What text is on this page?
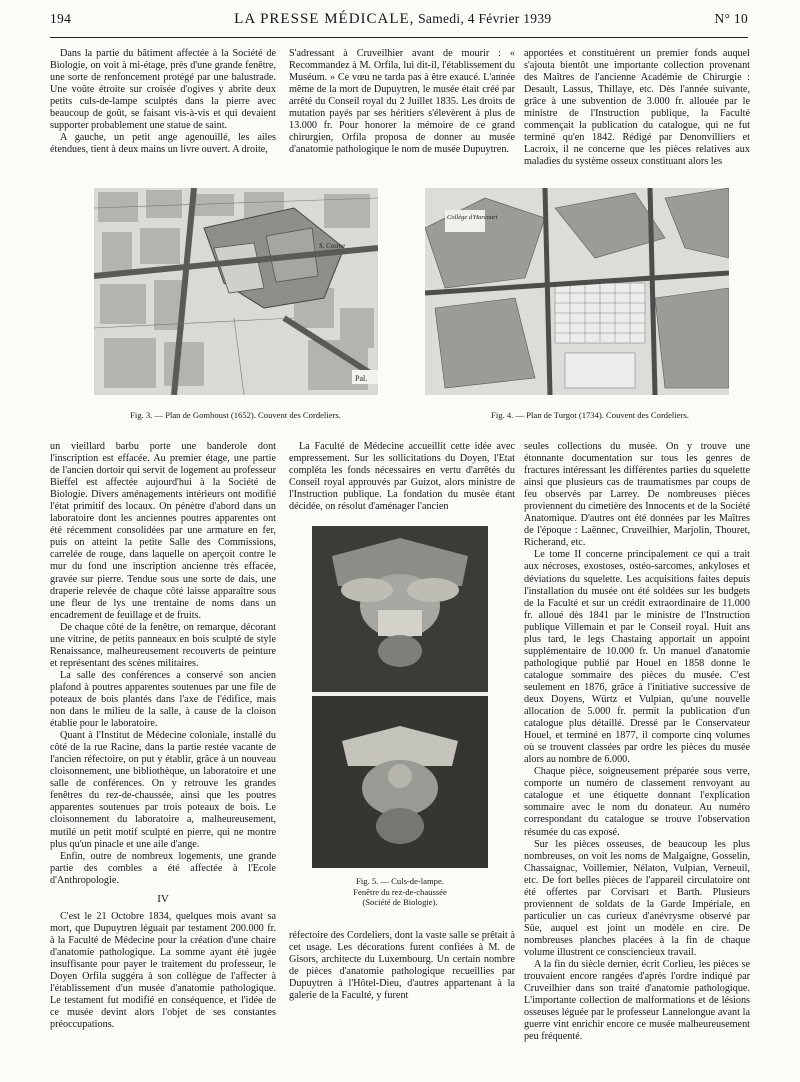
194	LA PRESSE MÉDICALE, Samedi, 4 Février 1939	N° 10

Dans la partie du bâtiment affectée à la Société de Biologie, on voit à mi-étage, près d'une grande fenêtre, une sorte de renfoncement protégé par une balustrade. Une voûte étroite sur croisée d'ogives y abrite deux petits culs-de-lampe sculptés dans la pierre avec beaucoup de goût, se faisant vis-à-vis et qui devaient supporter probablement une statue de saint.

A gauche, un petit ange agenouillé, les ailes étendues, tient à deux mains un livre ouvert. A droite,

S'adressant à Cruveilhier avant de mourir : « Recommandez à M. Orfila, lui dit-il, l'établissement du Muséum. » Ce vœu ne tarda pas à être exaucé. L'année même de la mort de Dupuytren, le musée était créé par arrêté du Conseil royal du 2 Juillet 1835. Les droits de mutation payés par ses héritiers s'élevèrent à plus de 13.000 fr. Pour honorer la mémoire de ce grand chirurgien, Orfila proposa de donner au musée d'anatomie pathologique le nom de musée Dupuytren.

apportées et constituèrent un premier fonds auquel s'ajouta bientôt une importante collection provenant des Maîtres de l'ancienne Académie de Chirurgie : Desault, Lassus, Thillaye, etc. Dès l'année suivante, grâce à une subvention de 3.000 fr. allouée par le ministre de l'Instruction publique, la Faculté commençait la publication du catalogue, qui ne fut terminé qu'en 1842. Rédigé par Denonvilliers et Lacroix, il ne concerne que les pièces relatives aux maladies du système osseux constituant alors les

S. Cosme
Pal.
Fig. 3. — Plan de Gomboust (1652). Couvent des Cordeliers.
Collège d'Harcourt
Fig. 4. — Plan de Turgot (1734). Couvent des Cordeliers.

un vieillard barbu porte une banderole dont l'inscription est effacée. Au premier étage, une partie de l'ancien dortoir qui servit de logement au professeur Bieffel est affectée aujourd'hui à la Société de Biologie. Divers aménagements intérieurs ont modifié l'état primitif des locaux. On pénètre d'abord dans un laboratoire dont les anciennes poutres apparentes ont été récemment consolidées par une armature en fer, puis on atteint la petite Salle des Commissions, carrelée de rouge, dans laquelle on aperçoit contre le mur du fond une inscription ancienne très effacée, gravée sur pierre. Tendue sous une sorte de dais, une draperie relevée de chaque côté laisse apparaître sous une fleur de lys une trentaine de noms dans un encadrement de feuillage et de fruits.

De chaque côté de la fenêtre, on remarque, décorant une vitrine, de petits panneaux en bois sculpté de style Renaissance, malheureusement recouverts de peinture et représentant des scènes militaires.

La salle des conférences a conservé son ancien plafond à poutres apparentes soutenues par une file de poteaux de bois plantés dans l'axe de l'édifice, mais non dans le milieu de la salle, à cause de la cloison établie pour le laboratoire.

Quant à l'Institut de Médecine coloniale, installé du côté de la rue Racine, dans la partie restée vacante de l'ancien réfectoire, on put y établir, grâce à un nouveau cloisonnement, une bibliothèque, un laboratoire et une salle de conférences. On y retrouve les grandes fenêtres du rez-de-chaussée, ainsi que les poutres apparentes soutenues par trois poteaux de bois. Le cloisonnement du laboratoire a, malheureusement, mutilé un petit motif sculpté en pierre, qui ne montre plus qu'un pinacle et une aile d'ange.

Enfin, outre de nombreux logements, une grande partie des combles a été affectée à l'Ecole d'Anthropologie.

IV

C'est le 21 Octobre 1834, quelques mois avant sa mort, que Dupuytren léguait par testament 200.000 fr. à la Faculté de Médecine pour la création d'une chaire d'anatomie pathologique. La somme ayant été jugée insuffisante pour payer le traitement du professeur, le Doyen Orfila suggéra à son collègue de l'affecter à l'établissement d'un musée d'anatomie pathologique. Le testament fut modifié en conséquence, et l'idée de ce musée devint alors l'objet de ses constantes préoccupations.

La Faculté de Médecine accueillit cette idée avec empressement. Sur les sollicitations du Doyen, l'Etat compléta les fonds nécessaires en vertu d'arrêtés du Conseil royal approuvés par Guizot, alors ministre de l'Instruction publique. La fondation du musée étant décidée, on résolut d'aménager l'ancien

Fig. 5. — Culs-de-lampe.
Fenêtre du rez-de-chaussée
(Société de Biologie).

réfectoire des Cordeliers, dont la vaste salle se prêtait à cet usage. Les décorations furent confiées à M. de Gisors, architecte du Luxembourg. Un certain nombre de pièces d'anatomie pathologique recueillies par Dupuytren à l'Hôtel-Dieu, d'autres appartenant à la galerie de la Faculté, y furent

seules collections du musée. On y trouve une étonnante documentation sur tous les genres de fractures intéressant les différentes parties du squelette ainsi que plusieurs cas de traumatismes par coups de feu observés par Larrey. De nombreuses pièces proviennent du cimetière des Innocents et de la Société Anatomique. D'autres ont été données par les Maîtres de l'époque : Laënnec, Cruveilhier, Marjolin, Thouret, Richerand, etc.

Le tome II concerne principalement ce qui a trait aux nécroses, exostoses, ostéo-sarcomes, ankyloses et déviations du squelette. Les acquisitions faites depuis l'installation du musée ont été soldées sur les budgets de la Faculté et sur un crédit extraordinaire de 11.000 fr. alloué dès 1841 par le ministre de l'Instruction publique Villemain et par le Conseil royal. Huit ans plus tard, le legs Chastaing apportait un appoint supplémentaire de 10.000 fr. Un manuel d'anatomie pathologique publié par Houel en 1858 donne le catalogue sommaire des pièces du musée. C'est seulement en 1876, grâce à l'initiative successive de deux Doyens, Würtz et Vulpian, qu'une nouvelle allocation de 5.000 fr. permit la publication d'un catalogue plus détaillé. Dressé par le Conservateur Houel, et terminé en 1877, il comporte cinq volumes où se trouvent classées par ordre les pièces du musée alors au nombre de 6.000.

Chaque pièce, soigneusement préparée sous verre, comporte un numéro de classement renvoyant au catalogue et une étiquette donnant l'explication sommaire avec le nom du donateur. Au numéro correspondant du catalogue se trouve l'observation résumée du cas exposé.

Sur les pièces osseuses, de beaucoup les plus nombreuses, on voit les noms de Malgaigne, Gosselin, Chassaignac, Voillemier, Nélaton, Vulpian, Verneuil, etc. De fort belles pièces de l'appareil circulatoire ont été offertes par Corvisart et Barth. Plusieurs proviennent de soldats de la Garde Impériale, en particulier un cas curieux d'anévrysme observé par Süe, auquel est joint un modèle en cire. De nombreuses planches placées à la fin de chaque volume illustrent ce consciencieux travail.

A la fin du siècle dernier, écrit Corlieu, les pièces se trouvaient encore rangées d'après l'ordre indiqué par Cruveilhier dans son traité d'anatomie pathologique. L'importante collection de malformations et de lésions osseuses léguée par le professeur Lannelongue avant la guerre vint enrichir encore ce musée malheureusement peu fréquenté.
